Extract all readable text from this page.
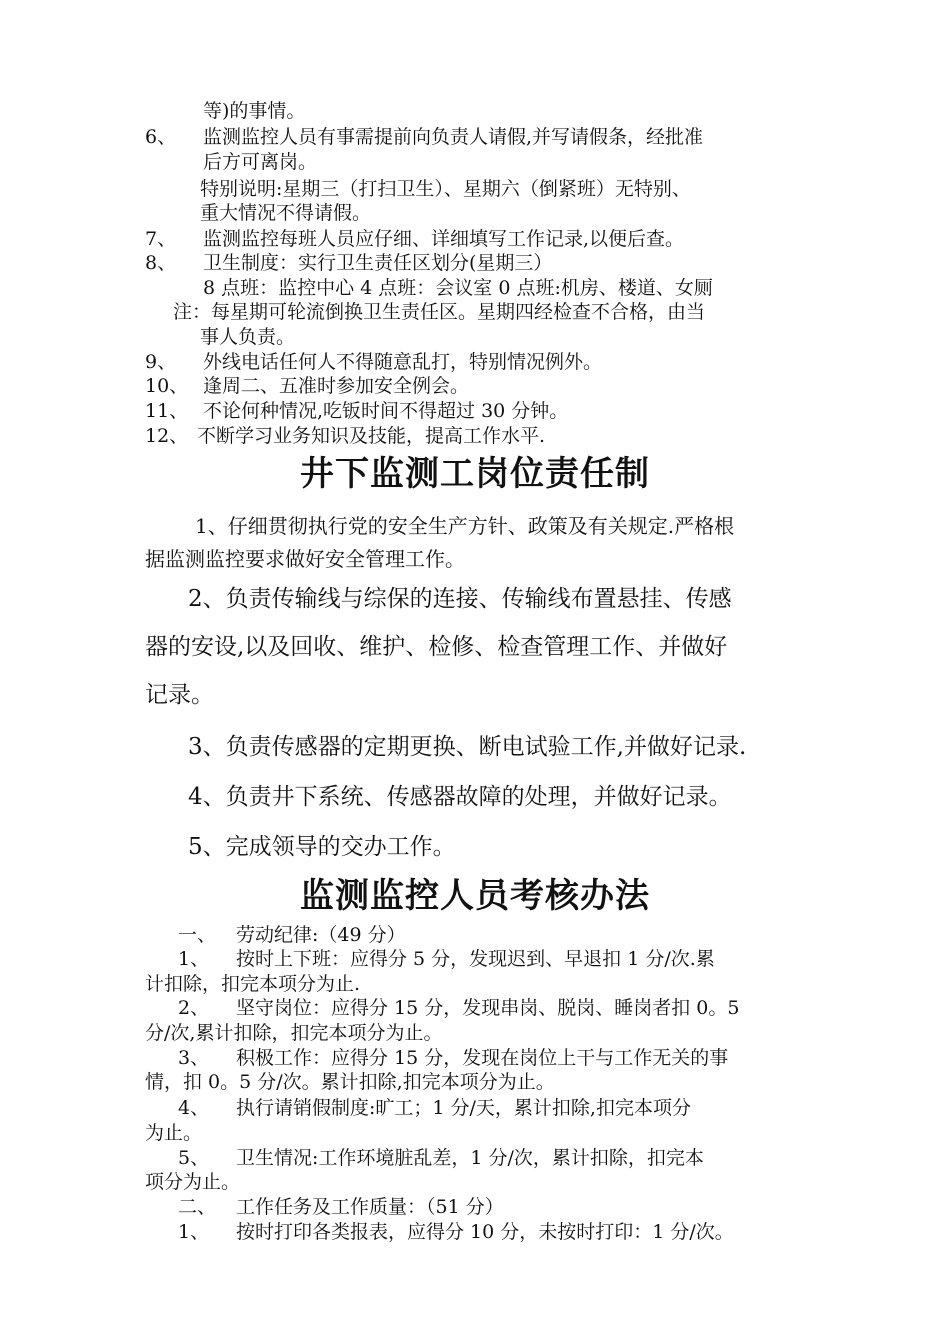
等)的事情。
6、 监测监控人员有事需提前向负责人请假,并写请假条，经批准
后方可离岗。
特别说明:星期三（打扫卫生）、星期六（倒紧班）无特别、
重大情况不得请假。
7、 监测监控每班人员应仔细、详细填写工作记录,以便后查。
8、 卫生制度：实行卫生责任区划分(星期三）
8 点班：监控中心 4 点班：会议室 0 点班:机房、楼道、女厕
注：每星期可轮流倒换卫生责任区。星期四经检查不合格，由当
事人负责。
9、 外线电话任何人不得随意乱打，特别情况例外。
10、 逢周二、五准时参加安全例会。
11、 不论何种情况,吃钣时间不得超过 30 分钟。
12、 不断学习业务知识及技能，提高工作水平.
井下监测工岗位责任制
1、仔细贯彻执行党的安全生产方针、政策及有关规定.严格根
据监测监控要求做好安全管理工作。
2、负责传输线与综保的连接、传输线布置悬挂、传感
器的安设,以及回收、维护、检修、检查管理工作、并做好
记录。
3、负责传感器的定期更换、断电试验工作,并做好记录.
4、负责井下系统、传感器故障的处理，并做好记录。
5、完成领导的交办工作。
监测监控人员考核办法
一、 劳动纪律:（49 分）
1、 按时上下班：应得分 5 分，发现迟到、早退扣 1 分/次.累
计扣除，扣完本项分为止.
2、 坚守岗位：应得分 15 分，发现串岗、脱岗、睡岗者扣 0。5
分/次,累计扣除，扣完本项分为止。
3、 积极工作：应得分 15 分，发现在岗位上干与工作无关的事
情，扣 0。5 分/次。累计扣除,扣完本项分为止。
4、 执行请销假制度:旷工；1 分/天，累计扣除,扣完本项分
为止。
5、 卫生情况:工作环境脏乱差，1 分/次，累计扣除，扣完本
项分为止。
二、 工作任务及工作质量：（51 分）
1、 按时打印各类报表，应得分 10 分，未按时打印：1 分/次。
